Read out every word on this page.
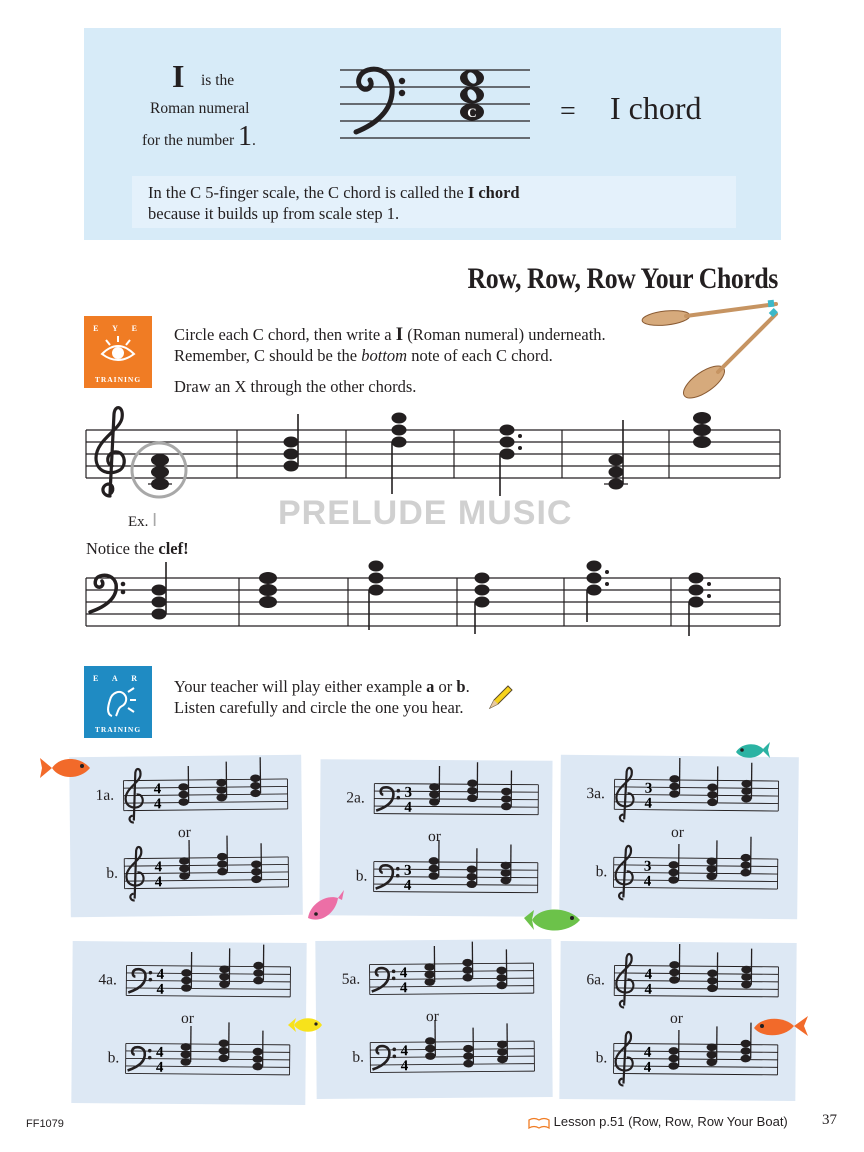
I is the
Roman numeral
for the number 1.
C	= I chord
In the C 5-finger scale, the C chord is called the I chord
because it builds up from scale step 1.
Row, Row, Row Your Chords
E Y E
TRAINING
Circle each C chord, then write a I (Roman numeral) underneath.
Remember, C should be the bottom note of each C chord.
Draw an X through the other chords.
Ex. I	PRELUDE MUSIC
Notice the clef!
E A R
TRAINING
Your teacher will play either example a or b.
Listen carefully and circle the one you hear.
1a.
or
b.
4
4
4
4
2a.
or
b.
3
4
3
4
3a.
or
b.
3
4
3
4
4a.
or
b.
4
4
4
4
5a.
or
b.
4
4
4
4
6a.
or
b.
4
4
4
4
FF1079	Lesson p.51 (Row, Row, Row Your Boat) 37
